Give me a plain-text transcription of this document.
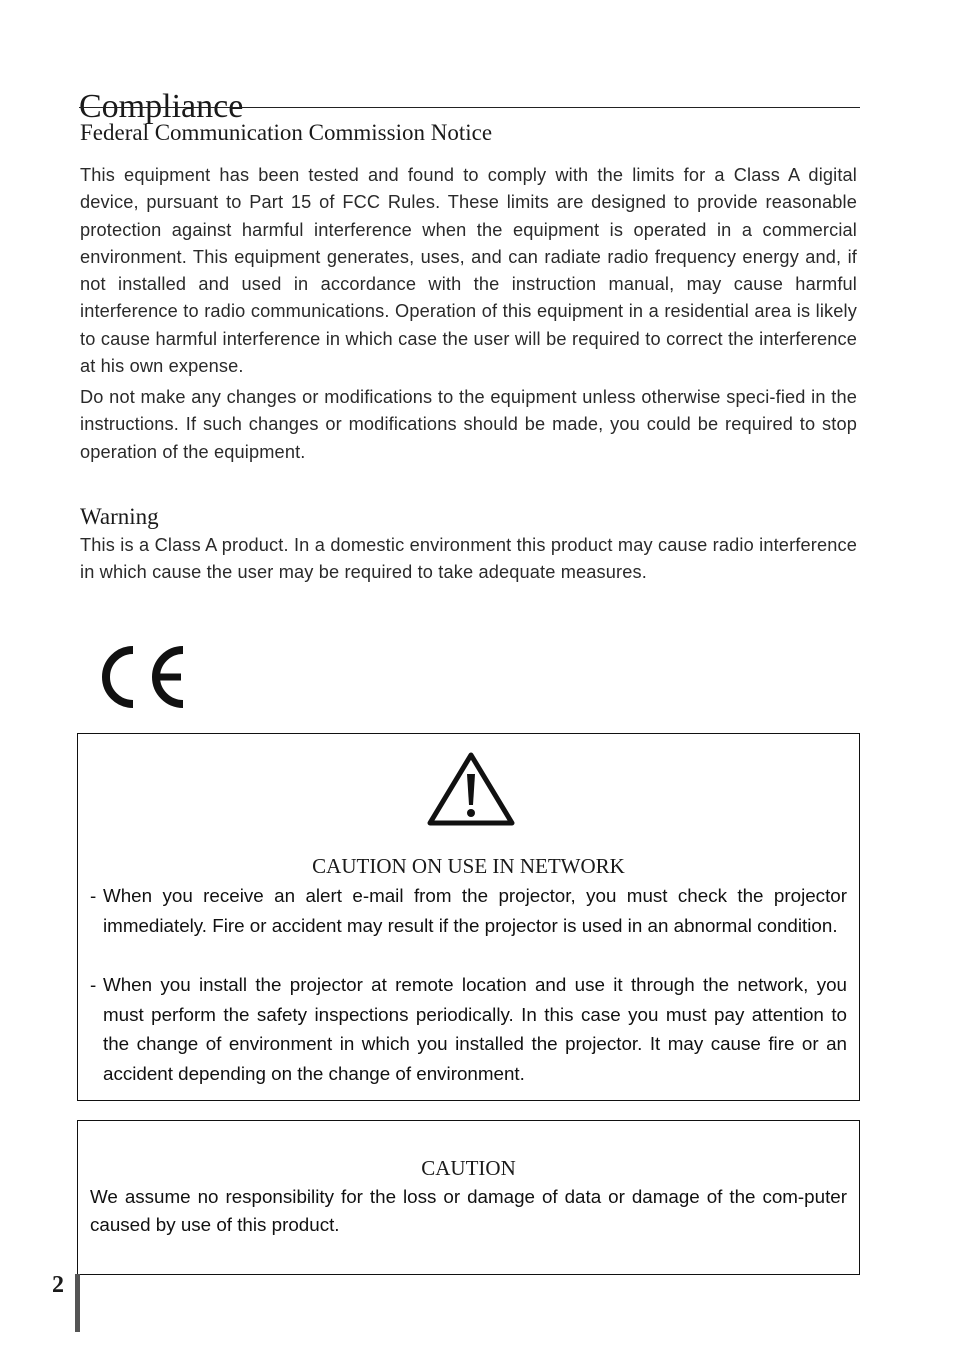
Compliance
Federal Communication Commission Notice

This equipment has been tested and found to comply with the limits for a Class A digital device, pursuant to Part 15 of FCC Rules. These limits are designed to provide reasonable protection against harmful interference when the equipment is operated in a commercial environment. This equipment generates, uses, and can radiate radio frequency energy and, if not installed and used in accordance with the instruction manual, may cause harmful interference to radio communications. Operation of this equipment in a residential area is likely to cause harmful interference in which case the user will be required to correct the interference at his own expense.

Do not make any changes or modifications to the equipment unless otherwise speci-fied in the instructions. If such changes or modifications should be made, you could be required to stop operation of the equipment.

Warning

This is a Class A product. In a domestic environment this product may cause radio interference in which cause the user may be required to take adequate measures.

CAUTION ON USE IN NETWORK
- When you receive an alert e-mail from the projector, you must check the projector immediately. Fire or accident may result if the projector is used in an abnormal condition.
- When you install the projector at remote location and use it through the network, you must perform the safety inspections periodically. In this case you must pay attention to the change of environment in which you installed the projector. It may cause fire or an accident depending on the change of environment.
CAUTION

We assume no responsibility for the loss or damage of data or damage of the com-puter caused by use of this product.

2
